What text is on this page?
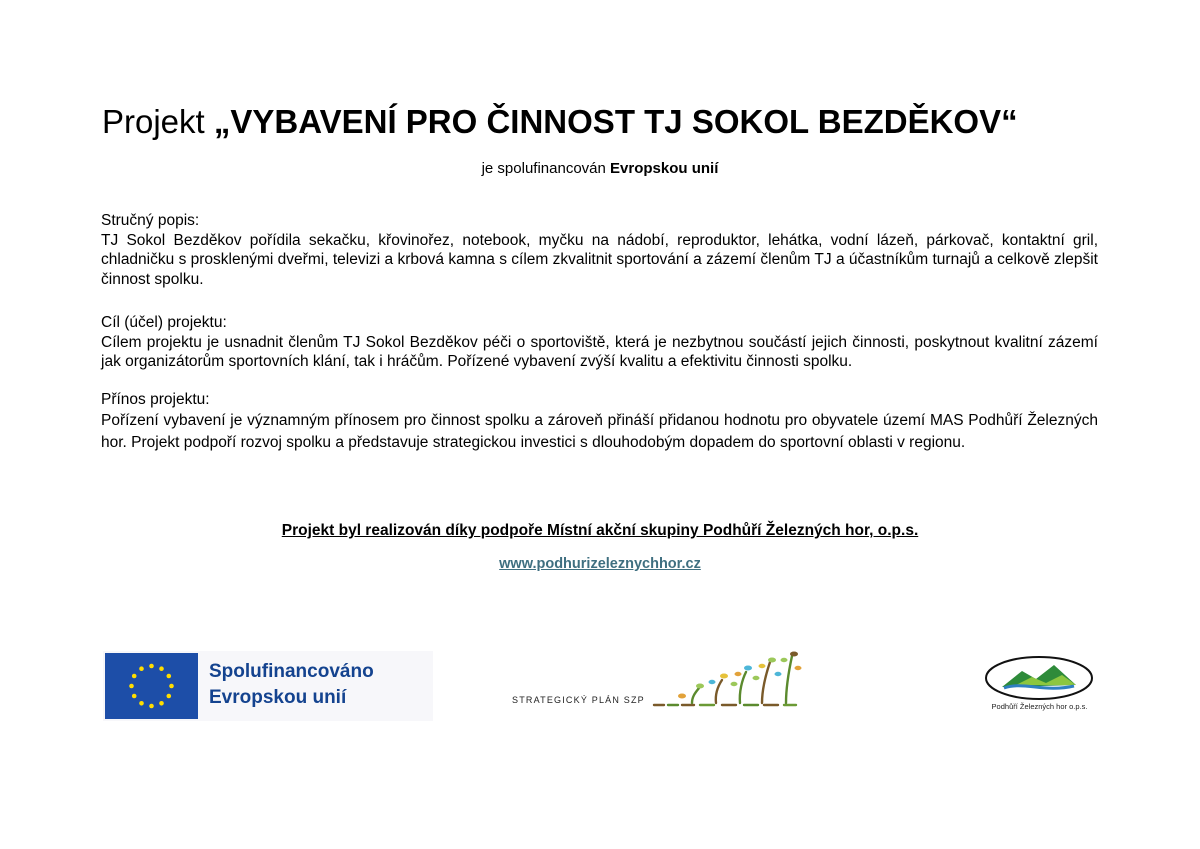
Projekt „VYBAVENÍ PRO ČINNOST TJ SOKOL BEZDĚKOV“
je spolufinancován Evropskou unií
Stručný popis:
TJ Sokol Bezděkov pořídila sekačku, křovinořez, notebook, myčku na nádobí, reproduktor, lehátka, vodní lázeň, párkovač, kontaktní gril, chladničku s prosklenými dveřmi, televizi a krbová kamna s cílem zkvalitnit sportování a zázemí členům TJ a účastníkům turnajů a celkově zlepšit činnost spolku.
Cíl (účel) projektu:
Cílem projektu je usnadnit členům TJ Sokol Bezděkov péči o sportoviště, která je nezbytnou součástí jejich činnosti, poskytnout kvalitní zázemí jak organizátorům sportovních klání, tak i hráčům. Pořízené vybavení zvýší kvalitu a efektivitu činnosti spolku.
Přínos projektu:
Pořízení vybavení je významným přínosem pro činnost spolku a zároveň přináší přidanou hodnotu pro obyvatele území MAS Podhůří Železných hor. Projekt podpoří rozvoj spolku a představuje strategickou investici s dlouhodobým dopadem do sportovní oblasti v regionu.
Projekt byl realizován díky podpoře Místní akční skupiny Podhůří Železných hor, o.p.s.
www.podhurizeleznychhor.cz
Spolufinancováno
Evropskou unií	STRATEGICKÝ PLÁN SZP
Podhůří Železných hor o.p.s.
